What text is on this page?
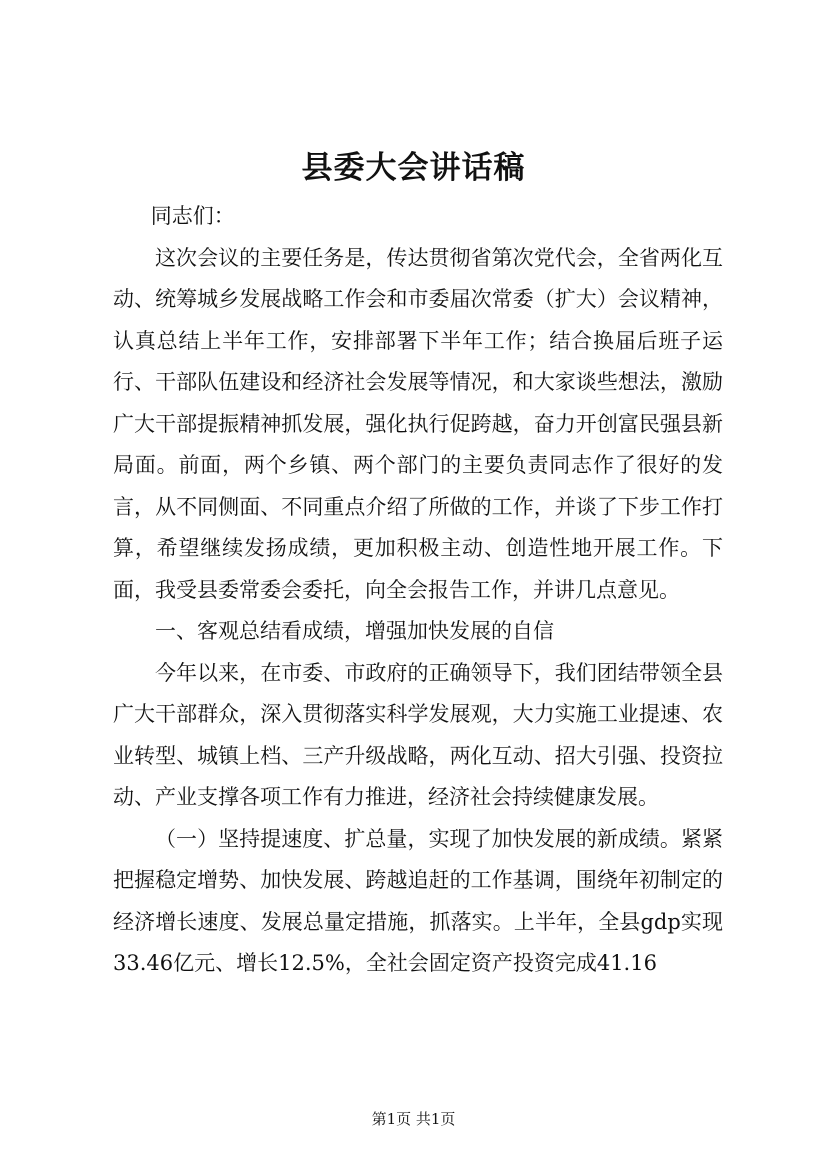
县委大会讲话稿

同志们：

这次会议的主要任务是，传达贯彻省第次党代会，全省两化互动、统筹城乡发展战略工作会和市委届次常委（扩大）会议精神，认真总结上半年工作，安排部署下半年工作；结合换届后班子运行、干部队伍建设和经济社会发展等情况，和大家谈些想法，激励广大干部提振精神抓发展，强化执行促跨越，奋力开创富民强县新局面。前面，两个乡镇、两个部门的主要负责同志作了很好的发言，从不同侧面、不同重点介绍了所做的工作，并谈了下步工作打算，希望继续发扬成绩，更加积极主动、创造性地开展工作。下面，我受县委常委会委托，向全会报告工作，并讲几点意见。

一、客观总结看成绩，增强加快发展的自信

今年以来，在市委、市政府的正确领导下，我们团结带领全县广大干部群众，深入贯彻落实科学发展观，大力实施工业提速、农业转型、城镇上档、三产升级战略，两化互动、招大引强、投资拉动、产业支撑各项工作有力推进，经济社会持续健康发展。

（一）坚持提速度、扩总量，实现了加快发展的新成绩。紧紧把握稳定增势、加快发展、跨越追赶的工作基调，围绕年初制定的经济增长速度、发展总量定措施，抓落实。上半年，全县gdp实现33.46亿元、增长12.5%，全社会固定资产投资完成41.16

第1页 共1页
